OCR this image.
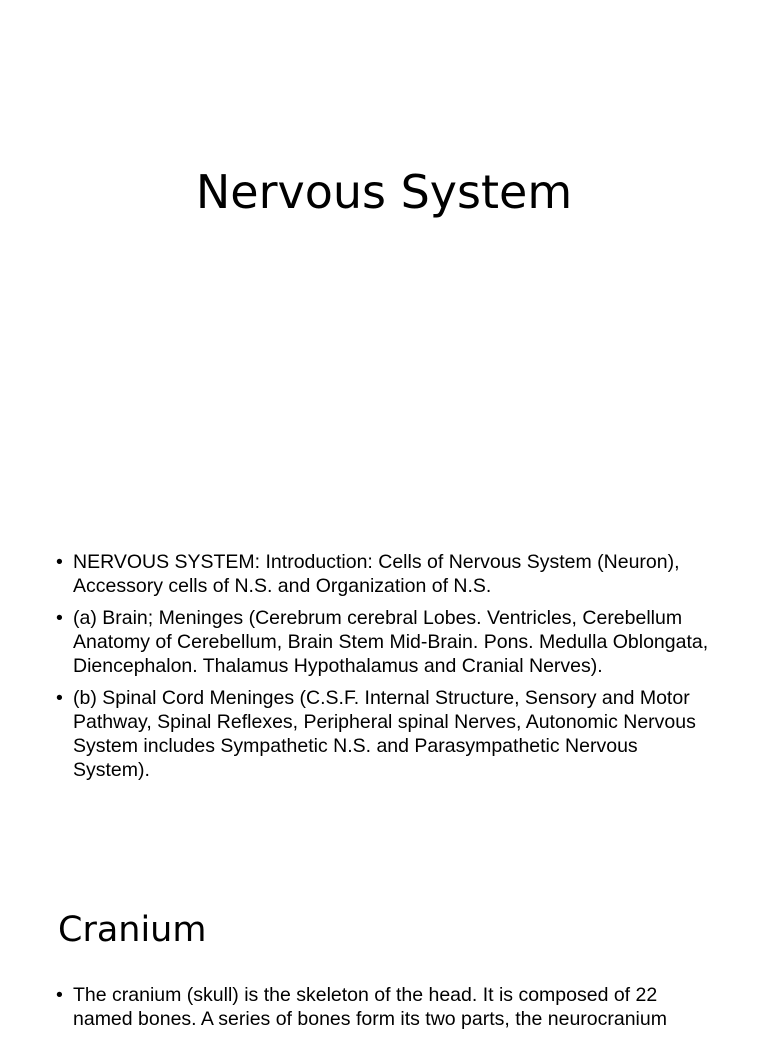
Nervous System
• NERVOUS SYSTEM: Introduction: Cells of Nervous System (Neuron), Accessory cells of N.S. and Organization of N.S.
• (a) Brain; Meninges (Cerebrum cerebral Lobes. Ventricles, Cerebellum Anatomy of Cerebellum, Brain Stem Mid-Brain. Pons. Medulla Oblongata, Diencephalon. Thalamus Hypothalamus and Cranial Nerves).
• (b) Spinal Cord Meninges (C.S.F. Internal Structure, Sensory and Motor Pathway, Spinal Reflexes, Peripheral spinal Nerves, Autonomic Nervous System includes Sympathetic N.S. and Parasympathetic Nervous System).
Cranium
• The cranium (skull) is the skeleton of the head. It is composed of 22 named bones. A series of bones form its two parts, the neurocranium
